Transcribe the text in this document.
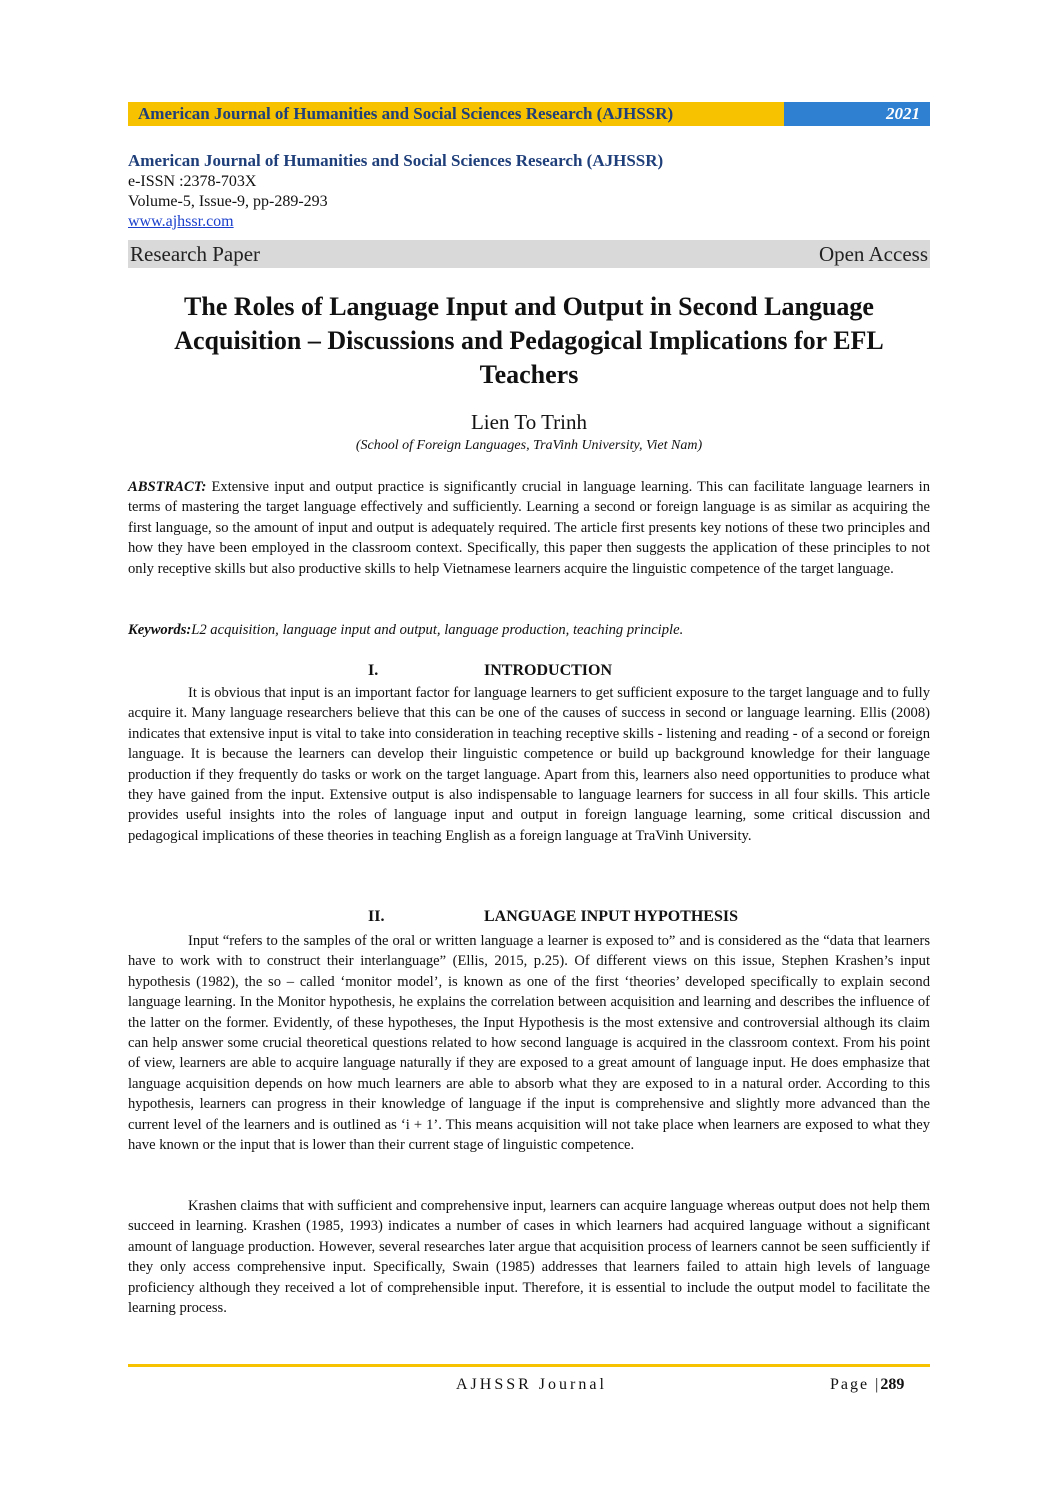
American Journal of Humanities and Social Sciences Research (AJHSSR)	2021
American Journal of Humanities and Social Sciences Research (AJHSSR)
e-ISSN :2378-703X
Volume-5, Issue-9, pp-289-293
www.ajhssr.com
Research Paper	Open Access
The Roles of Language Input and Output in Second Language
Acquisition – Discussions and Pedagogical Implications for EFL
Teachers
Lien To Trinh
(School of Foreign Languages, TraVinh University, Viet Nam)
ABSTRACT: Extensive input and output practice is significantly crucial in language learning. This can facilitate language learners in terms of mastering the target language effectively and sufficiently. Learning a second or foreign language is as similar as acquiring the first language, so the amount of input and output is adequately required. The article first presents key notions of these two principles and how they have been employed in the classroom context. Specifically, this paper then suggests the application of these principles to not only receptive skills but also productive skills to help Vietnamese learners acquire the linguistic competence of the target language.
Keywords:L2 acquisition, language input and output, language production, teaching principle.
I.	INTRODUCTION
It is obvious that input is an important factor for language learners to get sufficient exposure to the target language and to fully acquire it. Many language researchers believe that this can be one of the causes of success in second or language learning. Ellis (2008) indicates that extensive input is vital to take into consideration in teaching receptive skills - listening and reading - of a second or foreign language. It is because the learners can develop their linguistic competence or build up background knowledge for their language production if they frequently do tasks or work on the target language. Apart from this, learners also need opportunities to produce what they have gained from the input. Extensive output is also indispensable to language learners for success in all four skills. This article provides useful insights into the roles of language input and output in foreign language learning, some critical discussion and pedagogical implications of these theories in teaching English as a foreign language at TraVinh University.
II.	LANGUAGE INPUT HYPOTHESIS
Input “refers to the samples of the oral or written language a learner is exposed to” and is considered as the “data that learners have to work with to construct their interlanguage” (Ellis, 2015, p.25). Of different views on this issue, Stephen Krashen’s input hypothesis (1982), the so – called ‘monitor model’, is known as one of the first ‘theories’ developed specifically to explain second language learning. In the Monitor hypothesis, he explains the correlation between acquisition and learning and describes the influence of the latter on the former. Evidently, of these hypotheses, the Input Hypothesis is the most extensive and controversial although its claim can help answer some crucial theoretical questions related to how second language is acquired in the classroom context. From his point of view, learners are able to acquire language naturally if they are exposed to a great amount of language input. He does emphasize that language acquisition depends on how much learners are able to absorb what they are exposed to in a natural order. According to this hypothesis, learners can progress in their knowledge of language if the input is comprehensive and slightly more advanced than the current level of the learners and is outlined as ‘i + 1’. This means acquisition will not take place when learners are exposed to what they have known or the input that is lower than their current stage of linguistic competence.
Krashen claims that with sufficient and comprehensive input, learners can acquire language whereas output does not help them succeed in learning. Krashen (1985, 1993) indicates a number of cases in which learners had acquired language without a significant amount of language production. However, several researches later argue that acquisition process of learners cannot be seen sufficiently if they only access comprehensive input. Specifically, Swain (1985) addresses that learners failed to attain high levels of language proficiency although they received a lot of comprehensible input. Therefore, it is essential to include the output model to facilitate the learning process.
AJHSSR Journal	Page |289
